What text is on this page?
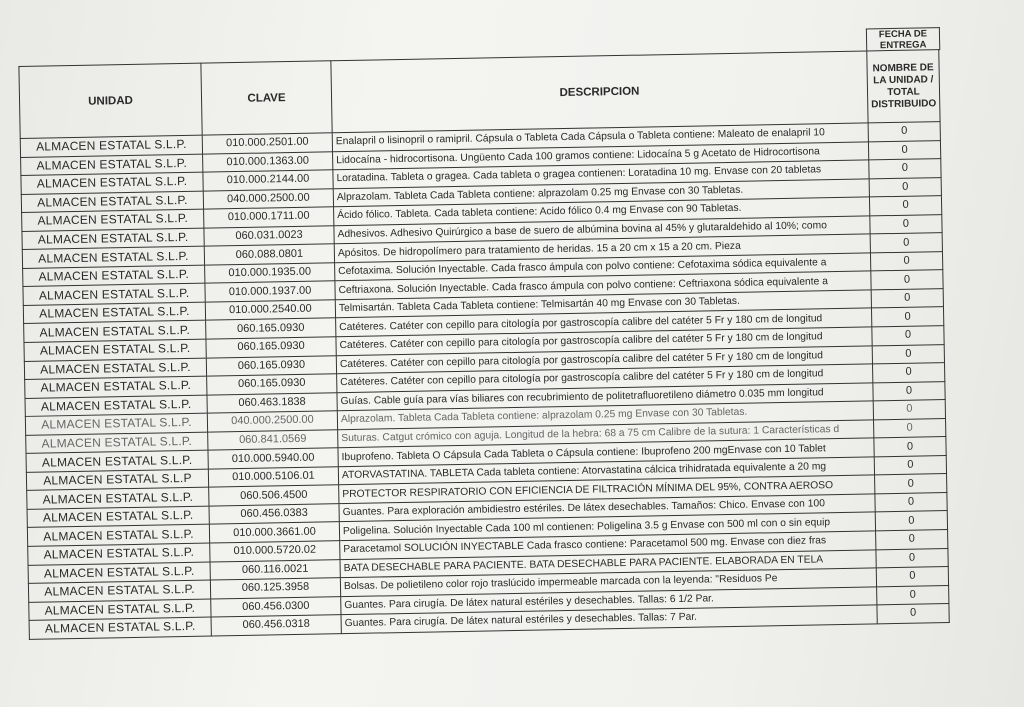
FECHA DE ENTREGA
UNIDAD	CLAVE	DESCRIPCION	NOMBRE DE LA UNIDAD / TOTAL DISTRIBUIDO
ALMACEN ESTATAL S.L.P.	010.000.2501.00	Enalapril o lisinopril o ramipril. Cápsula o Tableta Cada Cápsula o Tableta contiene: Maleato de enalapril 10	0
ALMACEN ESTATAL S.L.P.	010.000.1363.00	Lidocaína - hidrocortisona. Ungüento Cada 100 gramos contiene: Lidocaína 5 g Acetato de Hidrocortisona	0
ALMACEN ESTATAL S.L.P.	010.000.2144.00	Loratadina. Tableta o gragea. Cada tableta o gragea contienen: Loratadina 10 mg. Envase con 20 tabletas	0
ALMACEN ESTATAL S.L.P.	040.000.2500.00	Alprazolam. Tableta Cada Tableta contiene: alprazolam 0.25 mg Envase con 30 Tabletas.	0
ALMACEN ESTATAL S.L.P.	010.000.1711.00	Ácido fólico. Tableta. Cada tableta contiene: Acido fólico 0.4 mg Envase con 90 Tabletas.	0
ALMACEN ESTATAL S.L.P.	060.031.0023	Adhesivos. Adhesivo Quirúrgico a base de suero de albúmina bovina al 45% y glutaraldehido al 10%; como	0
ALMACEN ESTATAL S.L.P.	060.088.0801	Apósitos. De hidropolímero para tratamiento de heridas. 15 a 20 cm x 15 a 20 cm. Pieza	0
ALMACEN ESTATAL S.L.P.	010.000.1935.00	Cefotaxima. Solución Inyectable. Cada frasco ámpula con polvo contiene: Cefotaxima sódica equivalente a	0
ALMACEN ESTATAL S.L.P.	010.000.1937.00	Ceftriaxona. Solución Inyectable. Cada frasco ámpula con polvo contiene: Ceftriaxona sódica equivalente a	0
ALMACEN ESTATAL S.L.P.	010.000.2540.00	Telmisartán. Tableta Cada Tableta contiene: Telmisartán 40 mg Envase con 30 Tabletas.	0
ALMACEN ESTATAL S.L.P.	060.165.0930	Catéteres. Catéter con cepillo para citología por gastroscopía calibre del catéter 5 Fr y 180 cm de longitud	0
ALMACEN ESTATAL S.L.P.	060.165.0930	Catéteres. Catéter con cepillo para citología por gastroscopía calibre del catéter 5 Fr y 180 cm de longitud	0
ALMACEN ESTATAL S.L.P.	060.165.0930	Catéteres. Catéter con cepillo para citología por gastroscopía calibre del catéter 5 Fr y 180 cm de longitud	0
ALMACEN ESTATAL S.L.P.	060.165.0930	Catéteres. Catéter con cepillo para citología por gastroscopía calibre del catéter 5 Fr y 180 cm de longitud	0
ALMACEN ESTATAL S.L.P.	060.463.1838	Guías. Cable guía para vías biliares con recubrimiento de politetrafluoretileno diámetro 0.035 mm longitud	0
ALMACEN ESTATAL S.L.P.	040.000.2500.00	Alprazolam. Tableta Cada Tableta contiene: alprazolam 0.25 mg Envase con 30 Tabletas.	0
ALMACEN ESTATAL S.L.P.	060.841.0569	Suturas. Catgut crómico con aguja. Longitud de la hebra: 68 a 75 cm Calibre de la sutura: 1 Características d	0
ALMACEN ESTATAL S.L.P.	010.000.5940.00	Ibuprofeno. Tableta O Cápsula Cada Tableta o Cápsula contiene: Ibuprofeno 200 mgEnvase con 10 Tablet	0
ALMACEN ESTATAL S.L.P	010.000.5106.01	ATORVASTATINA. TABLETA Cada tableta contiene: Atorvastatina cálcica trihidratada equivalente a 20 mg	0
ALMACEN ESTATAL S.L.P.	060.506.4500	PROTECTOR RESPIRATORIO CON EFICIENCIA DE FILTRACIÓN MÍNIMA DEL 95%, CONTRA AEROSO	0
ALMACEN ESTATAL S.L.P.	060.456.0383	Guantes. Para exploración ambidiestro estériles. De látex desechables. Tamaños: Chico. Envase con 100	0
ALMACEN ESTATAL S.L.P.	010.000.3661.00	Poligelina. Solución Inyectable Cada 100 ml contienen: Poligelina 3.5 g Envase con 500 ml con o sin equip	0
ALMACEN ESTATAL S.L.P.	010.000.5720.02	Paracetamol SOLUCIÓN INYECTABLE Cada frasco contiene: Paracetamol 500 mg. Envase con diez fras	0
ALMACEN ESTATAL S.L.P.	060.116.0021	BATA DESECHABLE PARA PACIENTE. BATA DESECHABLE PARA PACIENTE. ELABORADA EN TELA	0
ALMACEN ESTATAL S.L.P.	060.125.3958	Bolsas. De polietileno color rojo traslúcido impermeable marcada con la leyenda: "Residuos Pe	0
ALMACEN ESTATAL S.L.P.	060.456.0300	Guantes. Para cirugía. De látex natural estériles y desechables. Tallas: 6 1/2 Par.	0
ALMACEN ESTATAL S.L.P.	060.456.0318	Guantes. Para cirugía. De látex natural estériles y desechables. Tallas: 7 Par.	0
